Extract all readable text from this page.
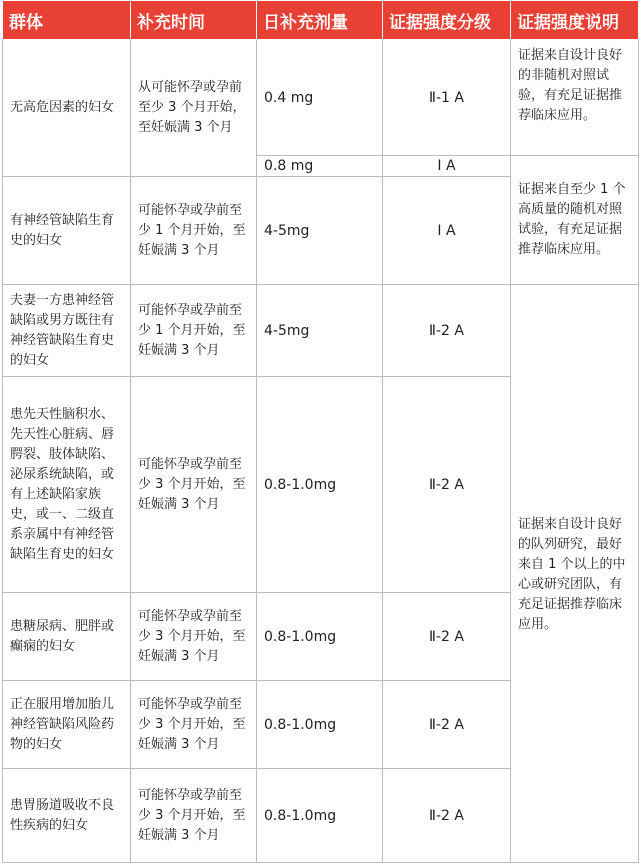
群体	补充时间	日补充剂量	证据强度分级	证据强度说明
无高危因素的妇女	从可能怀孕或孕前至少 3 个月开始，至妊娠满 3 个月	0.4 mg	Ⅱ-1 A	证据来自设计良好的非随机对照试验，有充足证据推荐临床应用。
		0.8 mg	Ⅰ A	证据来自至少 1 个高质量的随机对照试验，有充足证据推荐临床应用。
有神经管缺陷生育史的妇女	可能怀孕或孕前至少 1 个月开始，至妊娠满 3 个月	4-5mg	Ⅰ A	
夫妻一方患神经管缺陷或男方既往有神经管缺陷生育史的妇女	可能怀孕或孕前至少 1 个月开始，至妊娠满 3 个月	4-5mg	Ⅱ-2 A	证据来自设计良好的队列研究，最好来自 1 个以上的中心或研究团队，有充足证据推荐临床应用。
患先天性脑积水、先天性心脏病、唇腭裂、肢体缺陷、泌尿系统缺陷，或有上述缺陷家族史，或一、二级直系亲属中有神经管缺陷生育史的妇女	可能怀孕或孕前至少 3 个月开始，至妊娠满 3 个月	0.8-1.0mg	Ⅱ-2 A	
患糖尿病、肥胖或癫痫的妇女	可能怀孕或孕前至少 3 个月开始，至妊娠满 3 个月	0.8-1.0mg	Ⅱ-2 A	
正在服用增加胎儿神经管缺陷风险药物的妇女	可能怀孕或孕前至少 3 个月开始，至妊娠满 3 个月	0.8-1.0mg	Ⅱ-2 A	
患胃肠道吸收不良性疾病的妇女	可能怀孕或孕前至少 3 个月开始，至妊娠满 3 个月	0.8-1.0mg	Ⅱ-2 A	
